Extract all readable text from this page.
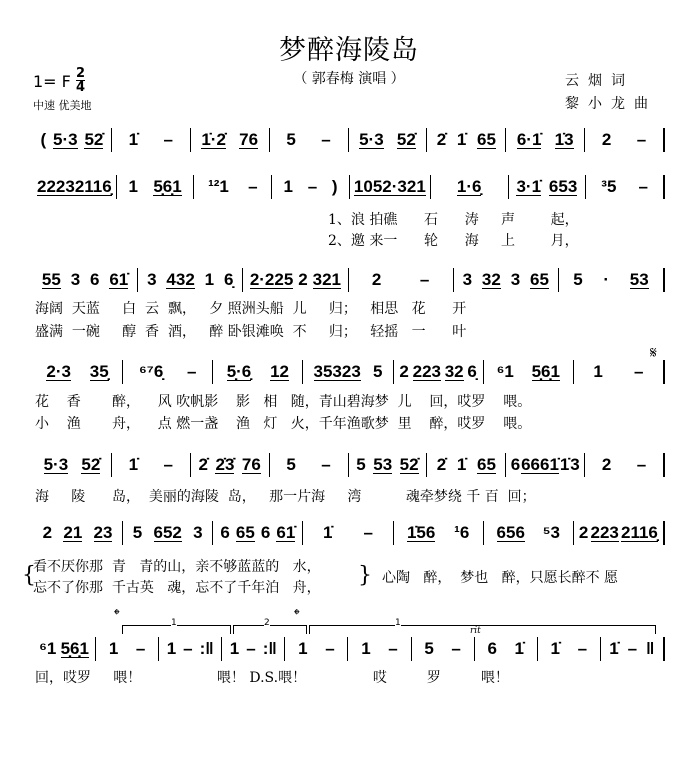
梦醉海陵岛
（ 郭春梅 演唱 ）
1= F 2
4
中速 优美地
云烟词
黎小龙曲
( 5·3 52̇ 1̇ – 1̇·2̇ 76 5 – 5·3 52̇ 2̇ 1̇ 65 6·1̇ 1̇3 2 –
2223 2116̣ 1 5̣6̣1 ¹²1 – 1 – ) 105 2·321 1·6̣ 3·1̇ 653 ³5 –
1、浪 拍礁      石      涛     声        起，
2、邀 来一      轮      海     上        月，
55 3 6 61̇ 3 432 1 6̣ 2·225 2 321 2 – 3 32 3 65 5 · 53
海阔  天蓝     白  云  飘，   夕 照洲头船  儿     归；   相思   花      开
盛满  一碗     醇  香  酒，   醉 卧银滩唤  不     归；   轻摇   一      叶
𝄋
2·3 35̣ ⁶⁷6̣ – 5̣·6̣ 12 35323 5 2 223 32 6̣ ⁶1 5̣6̣1 1 –
花    香       醉，    风 吹帆影    影   相   随，青山碧海梦  儿    回，哎罗    喂。
小    渔       舟，    点 燃一盏    渔   灯   火，千年渔歌梦  里    醉，哎罗    喂。
5·3 52̇ 1̇ – 2̇ 2̇3̇ 76 5 – 5 53 52̇ 2̇ 1̇ 65 6 6661̇ 1̇ 3 2 –
海     陵      岛，  美丽的海陵  岛，   那一片海     湾          魂牵梦绕 千 百  回；
2 21 23 5 652 3 6 65 6 61̇ 1̇ – 1̇56 ¹6 656 ⁵3 2 223 2116̣
{
看不厌你那  青   青的山，亲不够蓝蓝的   水，
忘不了你那  千古英   魂，忘不了千年泊   舟， } 心陶   醉，  梦也   醉，只愿长醉不 愿
𝄌	𝄌
1	2	1
rit
⁶1 5̣6̣1 1 – 1 – :‖ 1 – :‖ 1 – 1 – 5 – 6 1̇ 1̇ – 1̇ – ‖
回，哎罗     喂！                 喂！ D.S.喂！               哎         罗         喂！
